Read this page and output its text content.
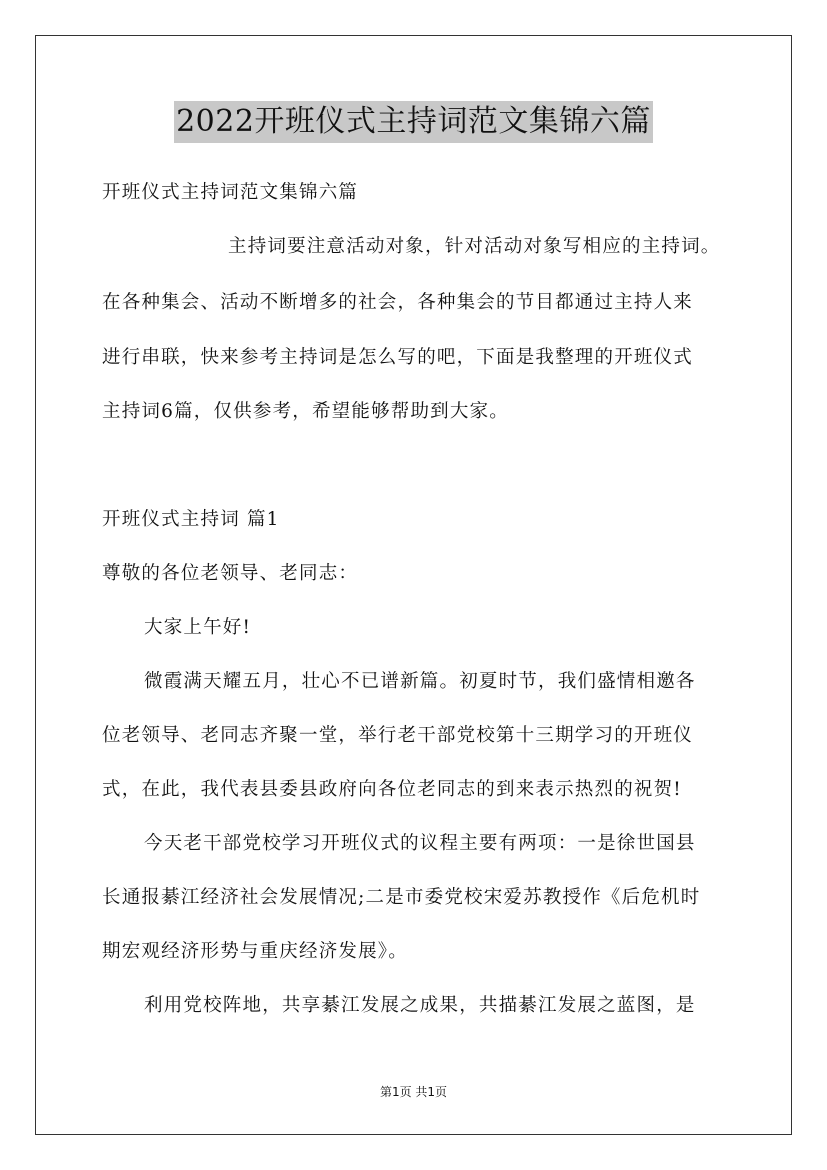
2022开班仪式主持词范文集锦六篇
开班仪式主持词范文集锦六篇
主持词要注意活动对象，针对活动对象写相应的主持词。
在各种集会、活动不断增多的社会，各种集会的节目都通过主持人来
进行串联，快来参考主持词是怎么写的吧，下面是我整理的开班仪式
主持词6篇，仅供参考，希望能够帮助到大家。
开班仪式主持词 篇1
尊敬的各位老领导、老同志：
大家上午好!
微霞满天耀五月，壮心不已谱新篇。初夏时节，我们盛情相邀各
位老领导、老同志齐聚一堂，举行老干部党校第十三期学习的开班仪
式，在此，我代表县委县政府向各位老同志的到来表示热烈的祝贺!
今天老干部党校学习开班仪式的议程主要有两项：一是徐世国县
长通报綦江经济社会发展情况;二是市委党校宋爱苏教授作《后危机时
期宏观经济形势与重庆经济发展》。
利用党校阵地，共享綦江发展之成果，共描綦江发展之蓝图，是
第1页 共1页
